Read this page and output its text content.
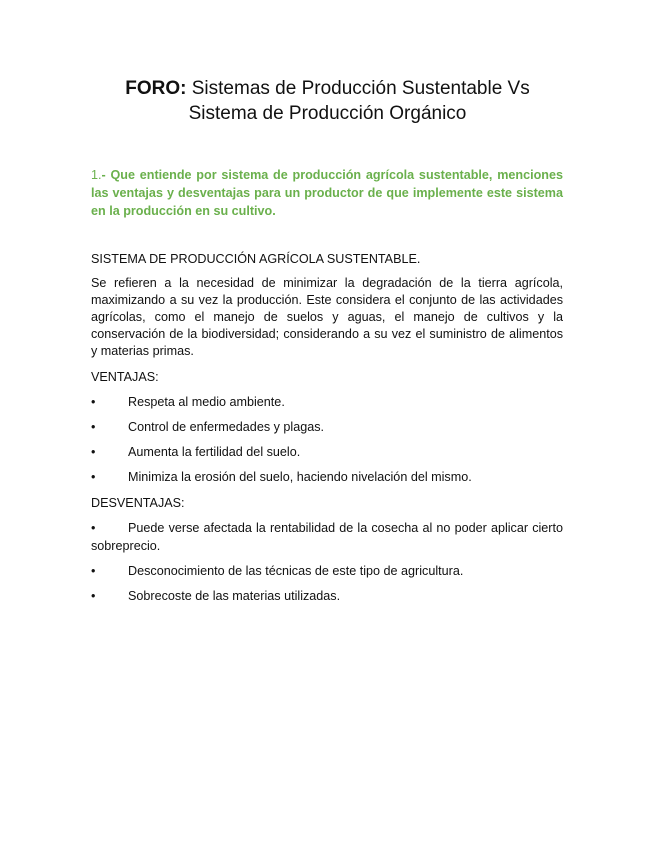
FORO: Sistemas de Producción Sustentable Vs
Sistema de Producción Orgánico
1.- Que entiende por sistema de producción agrícola sustentable, menciones las ventajas y desventajas para un productor de que implemente este sistema en la producción en su cultivo.

SISTEMA DE PRODUCCIÓN AGRÍCOLA SUSTENTABLE.

Se refieren a la necesidad de minimizar la degradación de la tierra agrícola, maximizando a su vez la producción. Este considera el conjunto de las actividades agrícolas, como el manejo de suelos y aguas, el manejo de cultivos y la conservación de la biodiversidad; considerando a su vez el suministro de alimentos y materias primas.

VENTAJAS:

•	Respeta al medio ambiente.
•	Control de enfermedades y plagas.
•	Aumenta la fertilidad del suelo.
•	Minimiza la erosión del suelo, haciendo nivelación del mismo.

DESVENTAJAS:

•	Puede verse afectada la rentabilidad de la cosecha al no poder aplicar cierto sobreprecio.
•	Desconocimiento de las técnicas de este tipo de agricultura.
•	Sobrecoste de las materias utilizadas.
